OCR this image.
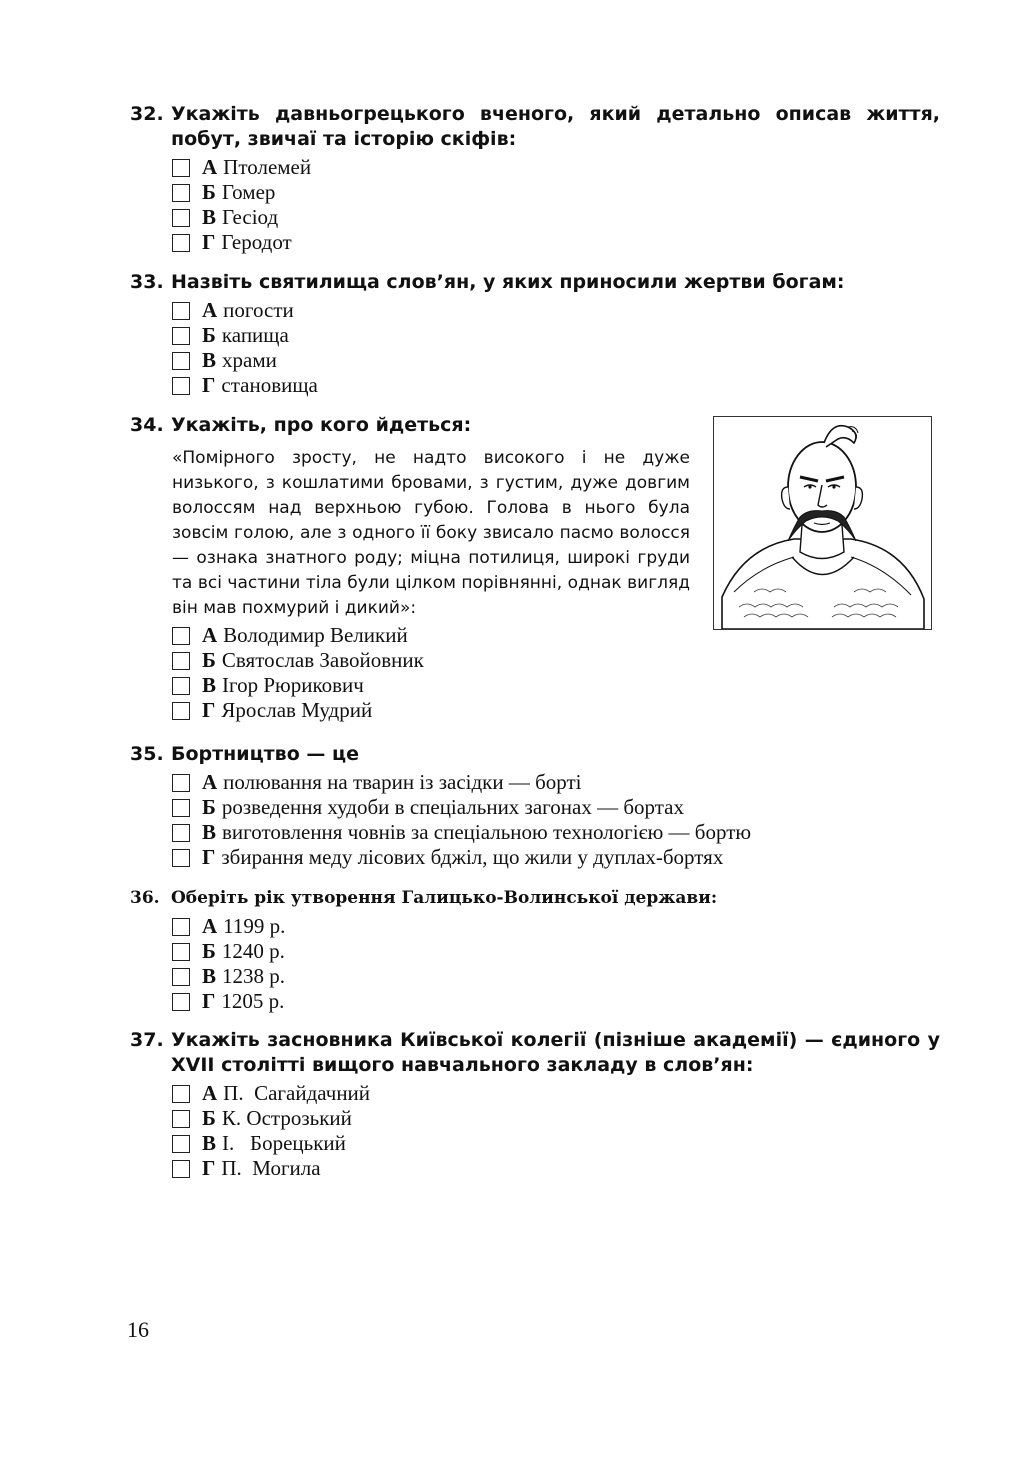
32. Укажіть давньогрецького вченого, який детально описав життя, побут, звичаї та історію скіфів:
А Птолемей
Б Гомер
В Гесіод
Г Геродот
33. Назвіть святилища слов’ян, у яких приносили жертви богам:
А погости
Б капища
В храми
Г становища
34. Укажіть, про кого йдеться:
«Помірного зросту, не надто високого і не дуже низького, з кошлатими бровами, з густим, дуже довгим волоссям над верхньою губою. Голова в нього була зовсім голою, але з одного її боку звисало пасмо волосся — ознака знатного роду; міцна потилиця, широкі груди та всі частини тіла були цілком порівнянні, однак вигляд він мав похмурий і дикий»:
А Володимир Великий
Б Святослав Завойовник
В Ігор Рюрикович
Г Ярослав Мудрий
35. Бортництво — це
А полювання на тварин із засідки — борті
Б розведення худоби в спеціальних загонах — бортах
В виготовлення човнів за спеціальною технологією — бортю
Г збирання меду лісових бджіл, що жили у дуплах-бортях
36. Оберіть рік утворення Галицько-Волинської держави:
А 1199 р.
Б 1240 р.
В 1238 р.
Г 1205 р.
37. Укажіть засновника Київської колегії (пізніше академії) — єдиного у XVII столітті вищого навчального закладу в слов’ян:
А П.  Сагайдачний
Б К. Острозький
В І.   Борецький
Г П.  Могила
16
